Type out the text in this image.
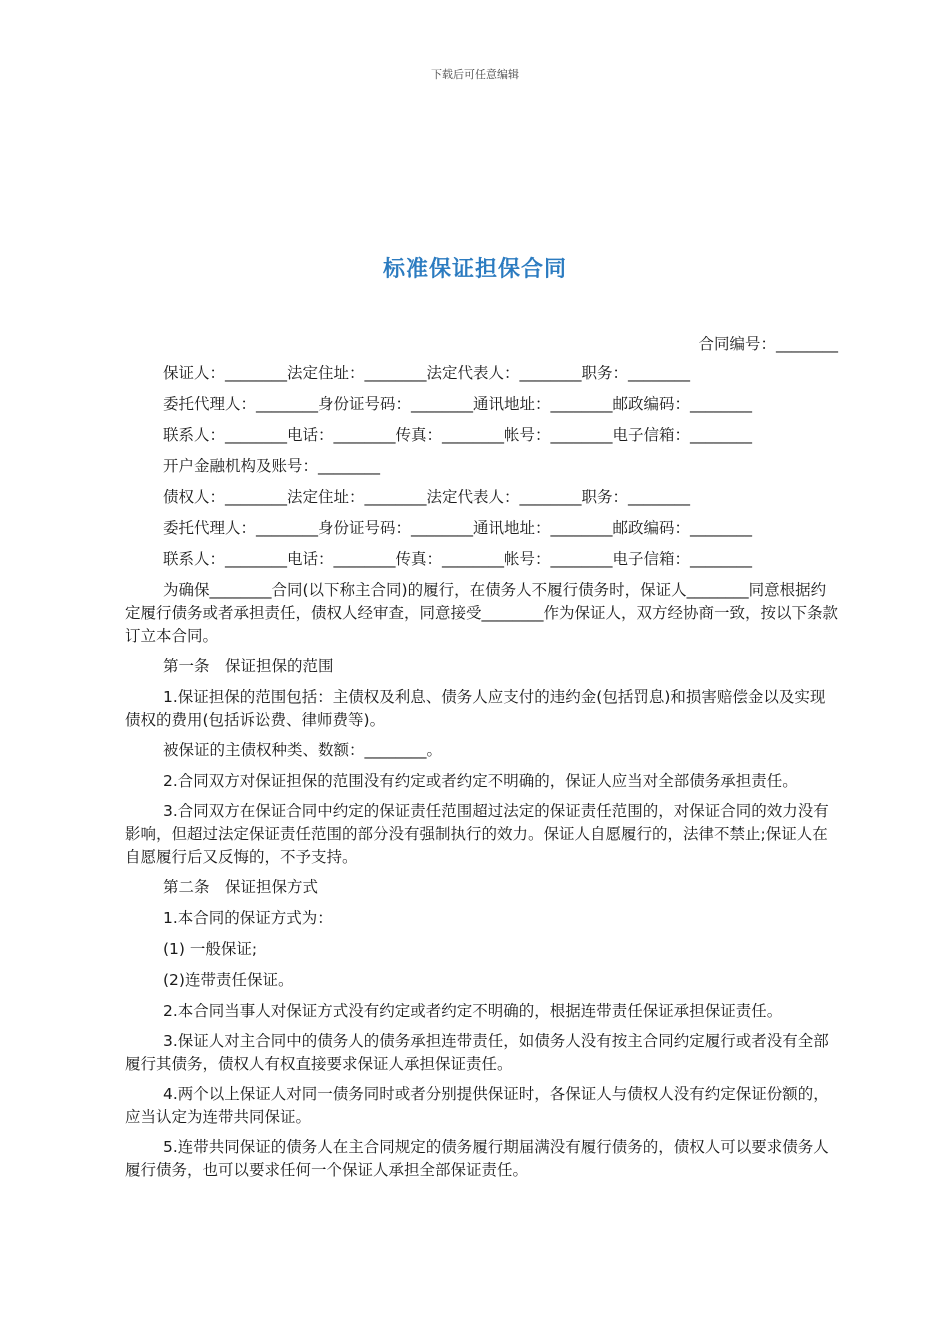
下载后可任意编辑
标准保证担保合同
合同编号：________
保证人：________法定住址：________法定代表人：________职务：________
委托代理人：________身份证号码：________通讯地址：________邮政编码：________
联系人：________电话：________传真：________帐号：________电子信箱：________
开户金融机构及账号：________
债权人：________法定住址：________法定代表人：________职务：________
委托代理人：________身份证号码：________通讯地址：________邮政编码：________
联系人：________电话：________传真：________帐号：________电子信箱：________
为确保________合同(以下称主合同)的履行，在债务人不履行债务时，保证人________同意根据约定履行债务或者承担责任，债权人经审查，同意接受________作为保证人，双方经协商一致，按以下条款订立本合同。
第一条　保证担保的范围
1.保证担保的范围包括：主债权及利息、债务人应支付的违约金(包括罚息)和损害赔偿金以及实现债权的费用(包括诉讼费、律师费等)。
被保证的主债权种类、数额：________。
2.合同双方对保证担保的范围没有约定或者约定不明确的，保证人应当对全部债务承担责任。
3.合同双方在保证合同中约定的保证责任范围超过法定的保证责任范围的，对保证合同的效力没有影响，但超过法定保证责任范围的部分没有强制执行的效力。保证人自愿履行的，法律不禁止;保证人在自愿履行后又反悔的，不予支持。
第二条　保证担保方式
1.本合同的保证方式为：
(1) 一般保证;
(2)连带责任保证。
2.本合同当事人对保证方式没有约定或者约定不明确的，根据连带责任保证承担保证责任。
3.保证人对主合同中的债务人的债务承担连带责任，如债务人没有按主合同约定履行或者没有全部履行其债务，债权人有权直接要求保证人承担保证责任。
4.两个以上保证人对同一债务同时或者分别提供保证时，各保证人与债权人没有约定保证份额的，应当认定为连带共同保证。
5.连带共同保证的债务人在主合同规定的债务履行期届满没有履行债务的，债权人可以要求债务人履行债务，也可以要求任何一个保证人承担全部保证责任。
